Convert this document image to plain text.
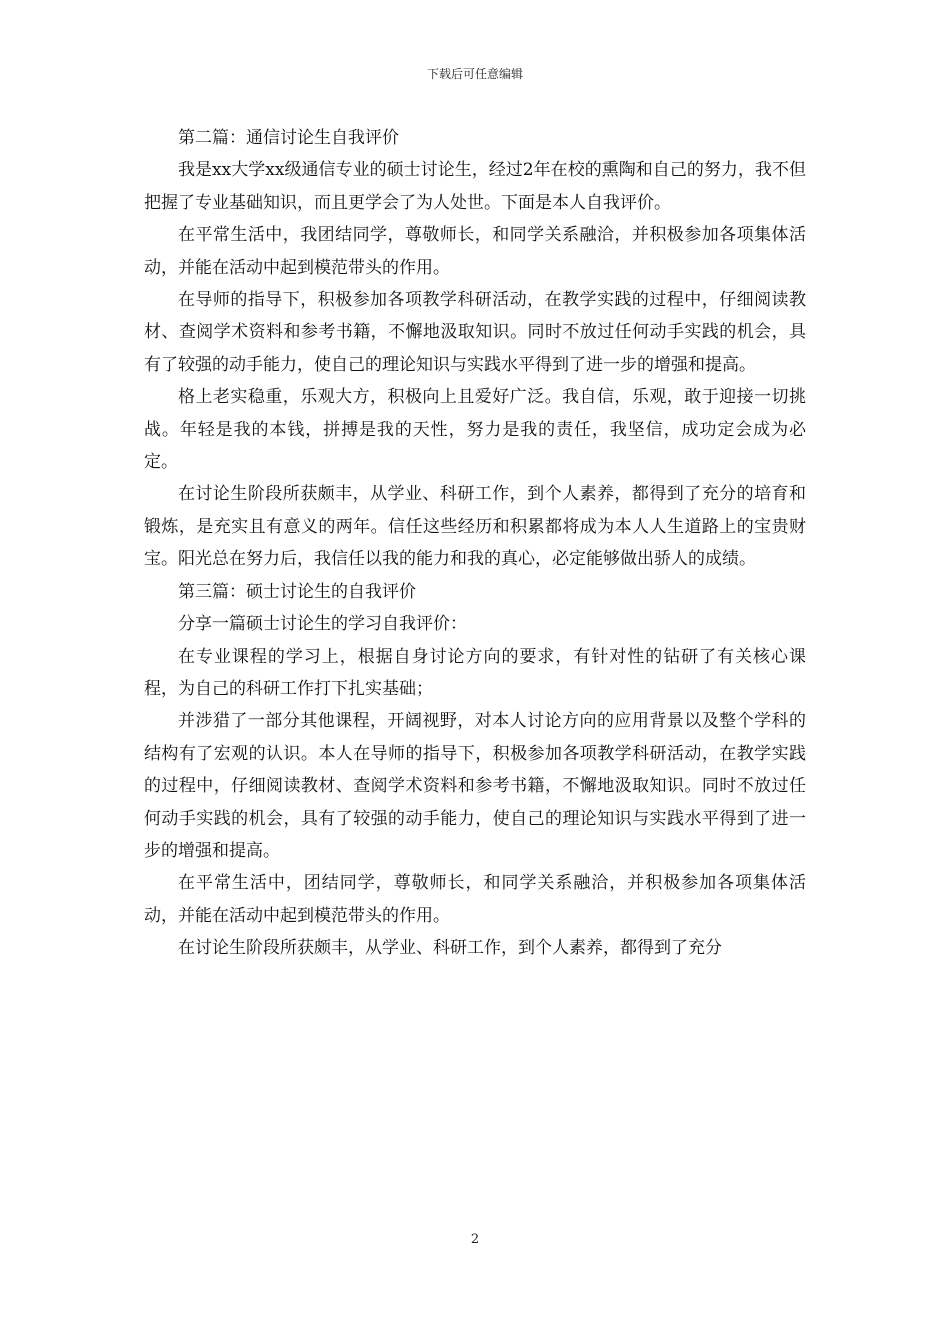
下载后可任意编辑

第二篇：通信讨论生自我评价

我是xx大学xx级通信专业的硕士讨论生，经过2年在校的熏陶和自己的努力，我不但把握了专业基础知识，而且更学会了为人处世。下面是本人自我评价。

在平常生活中，我团结同学，尊敬师长，和同学关系融洽，并积极参加各项集体活动，并能在活动中起到模范带头的作用。

在导师的指导下，积极参加各项教学科研活动，在教学实践的过程中，仔细阅读教材、查阅学术资料和参考书籍，不懈地汲取知识。同时不放过任何动手实践的机会，具有了较强的动手能力，使自己的理论知识与实践水平得到了进一步的增强和提高。

格上老实稳重，乐观大方，积极向上且爱好广泛。我自信，乐观，敢于迎接一切挑战。年轻是我的本钱，拼搏是我的天性，努力是我的责任，我坚信，成功定会成为必定。

在讨论生阶段所获颇丰，从学业、科研工作，到个人素养，都得到了充分的培育和锻炼，是充实且有意义的两年。信任这些经历和积累都将成为本人人生道路上的宝贵财宝。阳光总在努力后，我信任以我的能力和我的真心，必定能够做出骄人的成绩。

第三篇：硕士讨论生的自我评价

分享一篇硕士讨论生的学习自我评价：

在专业课程的学习上，根据自身讨论方向的要求，有针对性的钻研了有关核心课程，为自己的科研工作打下扎实基础；

并涉猎了一部分其他课程，开阔视野，对本人讨论方向的应用背景以及整个学科的结构有了宏观的认识。本人在导师的指导下，积极参加各项教学科研活动，在教学实践的过程中，仔细阅读教材、查阅学术资料和参考书籍，不懈地汲取知识。同时不放过任何动手实践的机会，具有了较强的动手能力，使自己的理论知识与实践水平得到了进一步的增强和提高。

在平常生活中，团结同学，尊敬师长，和同学关系融洽，并积极参加各项集体活动，并能在活动中起到模范带头的作用。

在讨论生阶段所获颇丰，从学业、科研工作，到个人素养，都得到了充分

2
